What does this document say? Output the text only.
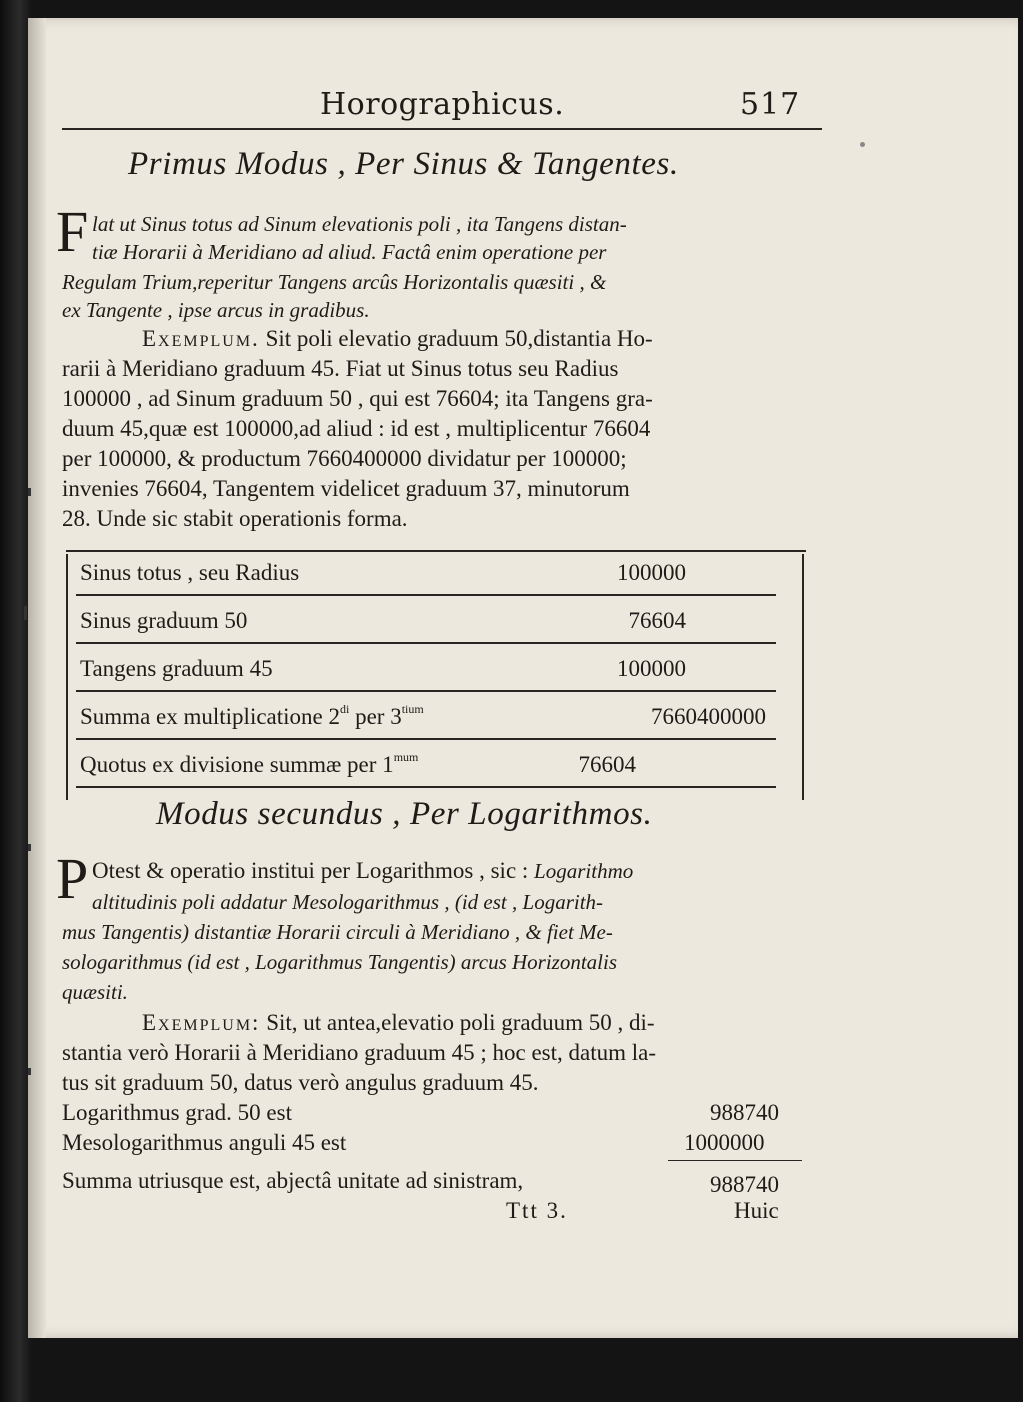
Horographicus.	517
Primus Modus , Per Sinus & Tangentes.
F lat ut Sinus totus ad Sinum elevationis poli , ita Tangens distan-
tiæ Horarii à Meridiano ad aliud. Factâ enim operatione per
Regulam Trium,reperitur Tangens arcûs Horizontalis quæsiti , &
ex Tangente , ipse arcus in gradibus.
Exemplum. Sit poli elevatio graduum 50,distantia Ho-
rarii à Meridiano graduum 45. Fiat ut Sinus totus seu Radius
100000 , ad Sinum graduum 50 , qui est 76604; ita Tangens gra-
duum 45,quæ est 100000,ad aliud : id est , multiplicentur 76604
per 100000, & productum 7660400000 dividatur per 100000;
invenies 76604, Tangentem videlicet graduum 37, minutorum
28. Unde sic stabit operationis forma.
Sinus totus , seu Radius	100000
Sinus graduum 50	76604
Tangens graduum 45	100000
Summa ex multiplicatione $2^{di}$ per $3^{tium}$	7660400000
Quotus ex divisione summæ per $1^{mum}$	76604
Modus secundus , Per Logarithmos.
P Otest & operatio institui per Logarithmos , sic : Logarithmo
altitudinis poli addatur Mesologarithmus , (id est , Logarith-
mus Tangentis) distantiæ Horarii circuli à Meridiano , & fiet Me-
sologarithmus (id est , Logarithmus Tangentis) arcus Horizontalis
quæsiti.
Exemplum: Sit, ut antea,elevatio poli graduum 50 , di-
stantia verò Horarii à Meridiano graduum 45 ; hoc est, datum la-
tus sit graduum 50, datus verò angulus graduum 45.
Logarithmus grad. 50 est	988740
Mesologarithmus anguli 45 est	1000000
Summa utriusque est, abjectâ unitate ad sinistram,	988740
Ttt 3.	Huic
